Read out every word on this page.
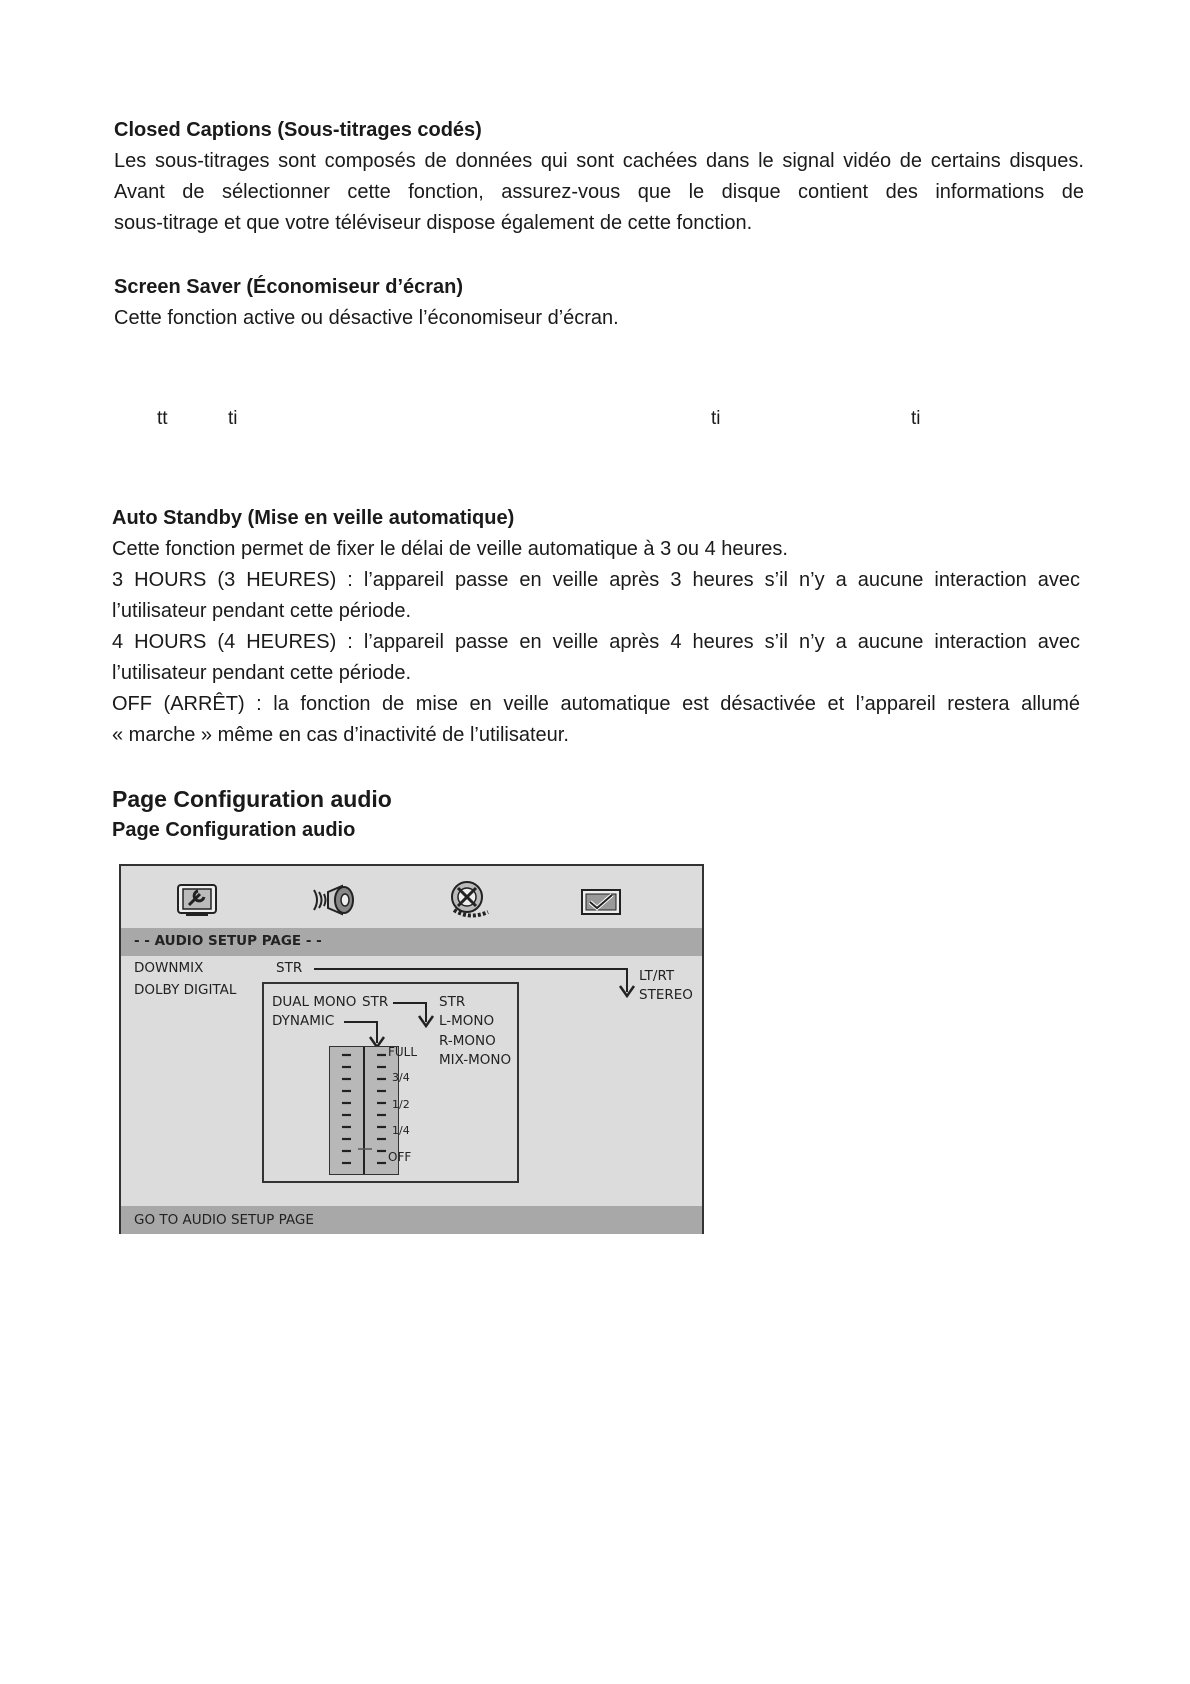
Closed Captions (Sous-titrages codés)
Les sous-titrages sont composés de données qui sont cachées dans le signal vidéo de certains disques.
Avant de sélectionner cette fonction, assurez-vous que le disque contient des informations de
sous-titrage et que votre téléviseur dispose également de cette fonction.
Screen Saver (Économiseur d’écran)
Cette fonction active ou désactive l’économiseur d’écran.
tt	ti	ti	ti
Auto Standby (Mise en veille automatique)
Cette fonction permet de fixer le délai de veille automatique à 3 ou 4 heures.
3 HOURS (3 HEURES) : l’appareil passe en veille après 3 heures s’il n’y a aucune interaction avec
l’utilisateur pendant cette période.
4 HOURS (4 HEURES) : l’appareil passe en veille après 4 heures s’il n’y a aucune interaction avec
l’utilisateur pendant cette période.
OFF (ARRÊT) : la fonction de mise en veille automatique est désactivée et l’appareil restera allumé
« marche » même en cas d’inactivité de l’utilisateur.
Page Configuration audio
Page Configuration audio
- - AUDIO SETUP PAGE - -
DOWNMIX
DOLBY DIGITAL
STR	LT/RT
STEREO
DUAL MONO STR
DYNAMIC
STR
L-MONO
R-MONO
MIX-MONO
FULL
3/4
1/2
1/4
OFF
GO TO AUDIO SETUP PAGE
